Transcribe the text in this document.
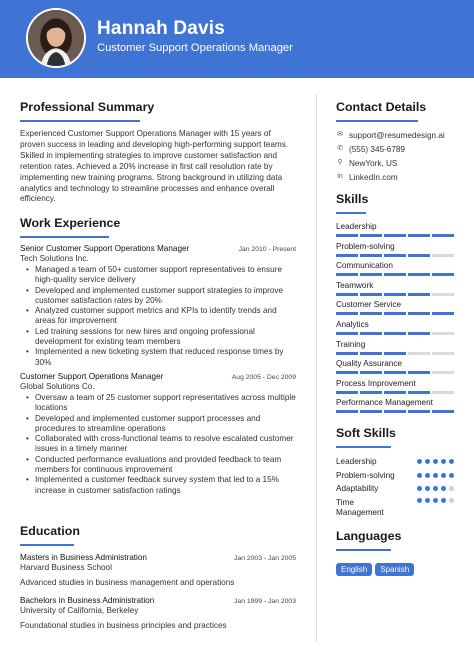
Hannah Davis
Customer Support Operations Manager
Professional Summary
Experienced Customer Support Operations Manager with 15 years of proven success in leading and developing high-performing support teams. Skilled in implementing strategies to improve customer satisfaction and retention rates. Achieved a 20% increase in first call resolution rate by implementing new training programs. Strong background in utilizing data analytics and technology to streamline processes and enhance overall efficiency.
Work Experience
Senior Customer Support Operations Manager	Jan 2010 - Present
Tech Solutions Inc.
• Managed a team of 50+ customer support representatives to ensure high-quality service delivery
• Developed and implemented customer support strategies to improve customer satisfaction rates by 20%
• Analyzed customer support metrics and KPIs to identify trends and areas for improvement
• Led training sessions for new hires and ongoing professional development for existing team members
• Implemented a new ticketing system that reduced response times by 30%
Customer Support Operations Manager	Aug 2005 - Dec 2009
Global Solutions Co.
• Oversaw a team of 25 customer support representatives across multiple locations
• Developed and implemented customer support processes and procedures to streamline operations
• Collaborated with cross-functional teams to resolve escalated customer issues in a timely manner
• Conducted performance evaluations and provided feedback to team members for continuous improvement
• Implemented a customer feedback survey system that led to a 15% increase in customer satisfaction ratings
Education
Masters in Business Administration	Jan 2003 - Jan 2005
Harvard Business School
Advanced studies in business management and operations
Bachelors in Business Administration	Jan 1999 - Jan 2003
University of California, Berkeley
Foundational studies in business principles and practices
Contact Details
✉ support@resumedesign.ai
✆ (555) 345-6789
⚲ NewYork, US
in LinkedIn.com
Skills
Leadership
Problem-solving
Communication
Teamwork
Customer Service
Analytics
Training
Quality Assurance
Process Improvement
Performance Management
Soft Skills
Leadership
Problem-solving
Adaptability
Time Management
Languages
English Spanish
